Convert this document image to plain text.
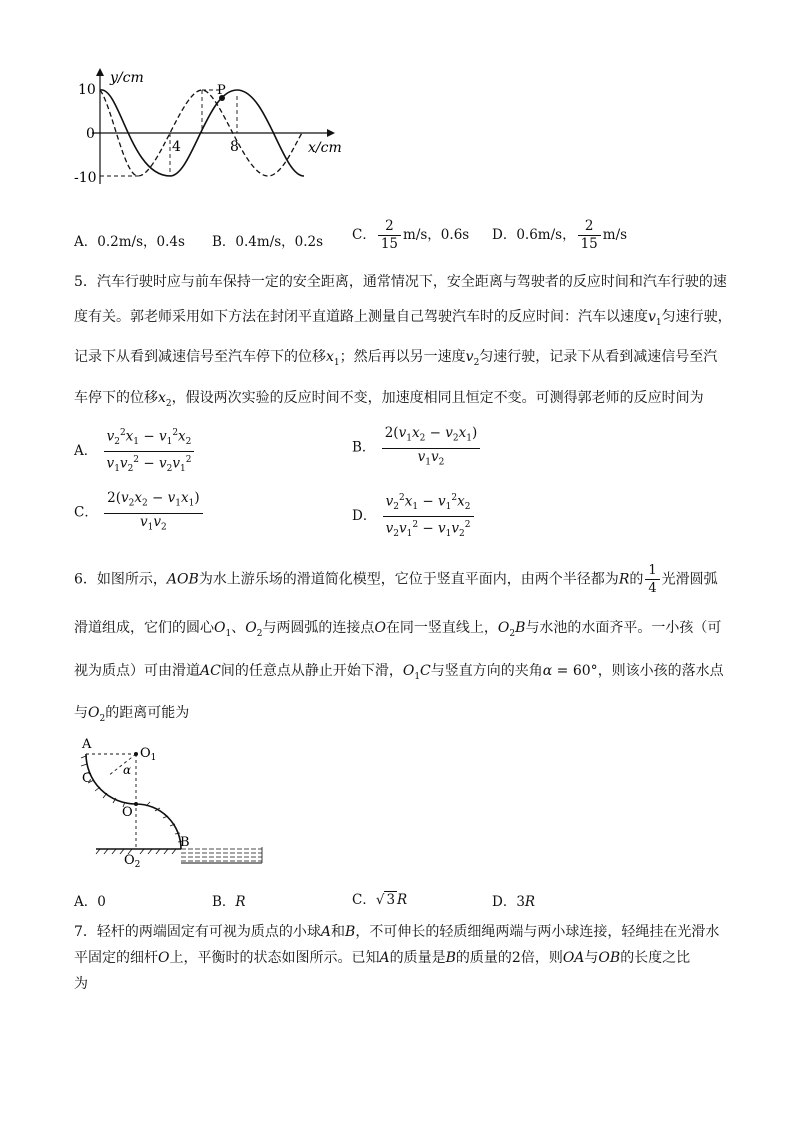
P
y/cm
x/cm
10
0
-10
4	8
A．0.2m/s，0.4s B．0.4m/s，0.2s C． $\frac{2}{15} m/s$，0.6s D．0.6m/s， $\frac{2}{15} m/s$
5．汽车行驶时应与前车保持一定的安全距离，通常情况下，安全距离与驾驶者的反应时间和汽车行驶的速
度有关。郭老师采用如下方法在封闭平直道路上测量自己驾驶汽车时的反应时间：汽车以速度$v_1$匀速行驶，
记录下从看到减速信号至汽车停下的位移$x_1$；然后再以另一速度$v_2$匀速行驶，记录下从看到减速信号至汽
车停下的位移$x_2$，假设两次实验的反应时间不变，加速度相同且恒定不变。可测得郭老师的反应时间为
A． $\frac{v_2^2x_1 - v_1^2x_2}{v_1v_2^2 - v_2v_1^2}$	B． $\frac{2(v_1x_2 - v_2x_1)}{v_1v_2}$
C． $\frac{2(v_2x_2 - v_1x_1)}{v_1v_2}$	D． $\frac{v_2^2x_1 - v_1^2x_2}{v_2v_1^2 - v_1v_2^2}$
6．如图所示，AOB为水上游乐场的滑道简化模型，它位于竖直平面内，由两个半径都为R的 $\frac{1}{4}$ 光滑圆弧
滑道组成，它们的圆心$O_1$、$O_2$与两圆弧的连接点O在同一竖直线上，$O_2B$与水池的水面齐平。一小孩（可
视为质点）可由滑道AC间的任意点从静止开始下滑，$O_1C$与竖直方向的夹角α = 60°，则该小孩的落水点
与$O_2$的距离可能为
A
$O_1$
C
α
O
B
$O_2$
A．0	B．R	C．√ 3 R	D．3R
7．轻杆的两端固定有可视为质点的小球A和B，不可伸长的轻质细绳两端与两小球连接，轻绳挂在光滑水
平固定的细杆O上，平衡时的状态如图所示。已知A的质量是B的质量的2倍，则OA与OB的长度之比
为
